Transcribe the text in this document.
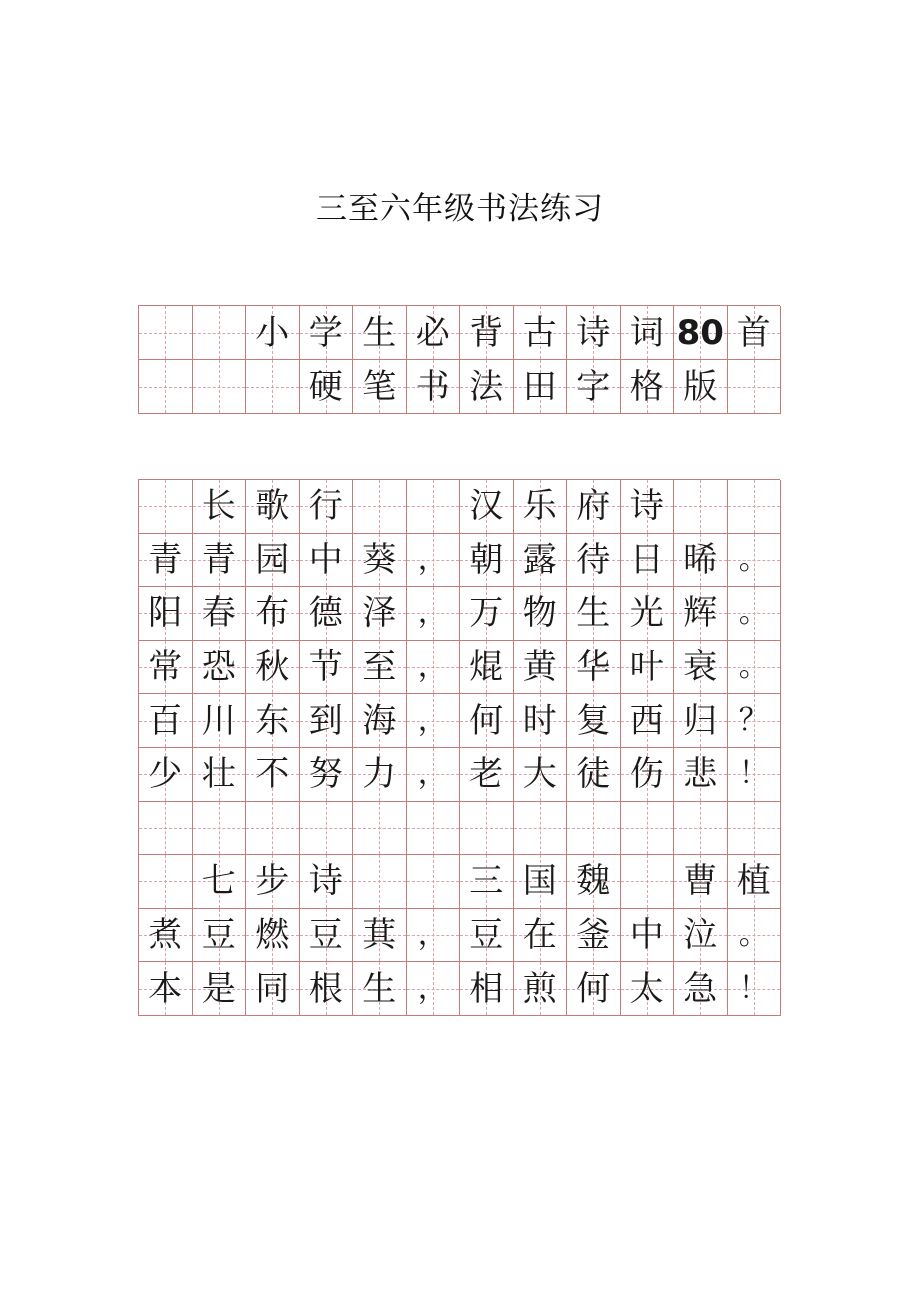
三至六年级书法练习
小 学 生 必 背 古 诗 词 80 首
硬 笔 书 法 田 字 格 版
长 歌 行	汉 乐 府 诗
青 青 园 中 葵 ， 朝 露 待 日 晞 。
阳 春 布 德 泽 ， 万 物 生 光 辉 。
常 恐 秋 节 至 ， 焜 黄 华 叶 衰 。
百 川 东 到 海 ， 何 时 复 西 归 ？
少 壮 不 努 力 ， 老 大 徒 伤 悲 ！
七 步 诗	三 国 魏 曹 植
煮 豆 燃 豆 萁 ， 豆 在 釜 中 泣 。
本 是 同 根 生 ， 相 煎 何 太 急 ！
